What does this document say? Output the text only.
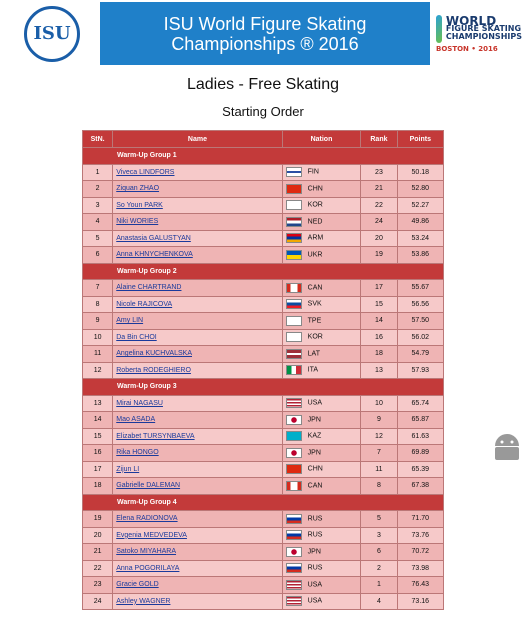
ISU	ISU World Figure Skating
Championships ® 2016
WORLD
FIGURE SKATING
CHAMPIONSHIPS
BOSTON • 2016
Ladies - Free Skating
Starting Order
StN.	Name	Nation	Rank	Points
Warm-Up Group 1				
1	Viveca LINDFORS	FIN	23	50.18
2	Ziquan ZHAO	CHN	21	52.80
3	So Youn PARK	KOR	22	52.27
4	Niki WORIES	NED	24	49.86
5	Anastasia GALUSTYAN	ARM	20	53.24
6	Anna KHNYCHENKOVA	UKR	19	53.86
Warm-Up Group 2				
7	Alaine CHARTRAND	CAN	17	55.67
8	Nicole RAJICOVA	SVK	15	56.56
9	Amy LIN	TPE	14	57.50
10	Da Bin CHOI	KOR	16	56.02
11	Angelina KUCHVALSKA	LAT	18	54.79
12	Roberta RODEGHIERO	ITA	13	57.93
Warm-Up Group 3				
13	Mirai NAGASU	USA	10	65.74
14	Mao ASADA	JPN	9	65.87
15	Elizabet TURSYNBAEVA	KAZ	12	61.63
16	Rika HONGO	JPN	7	69.89
17	Zijun LI	CHN	11	65.39
18	Gabrielle DALEMAN	CAN	8	67.38
Warm-Up Group 4				
19	Elena RADIONOVA	RUS	5	71.70
20	Evgenia MEDVEDEVA	RUS	3	73.76
21	Satoko MIYAHARA	JPN	6	70.72
22	Anna POGORILAYA	RUS	2	73.98
23	Gracie GOLD	USA	1	76.43
24	Ashley WAGNER	USA	4	73.16
